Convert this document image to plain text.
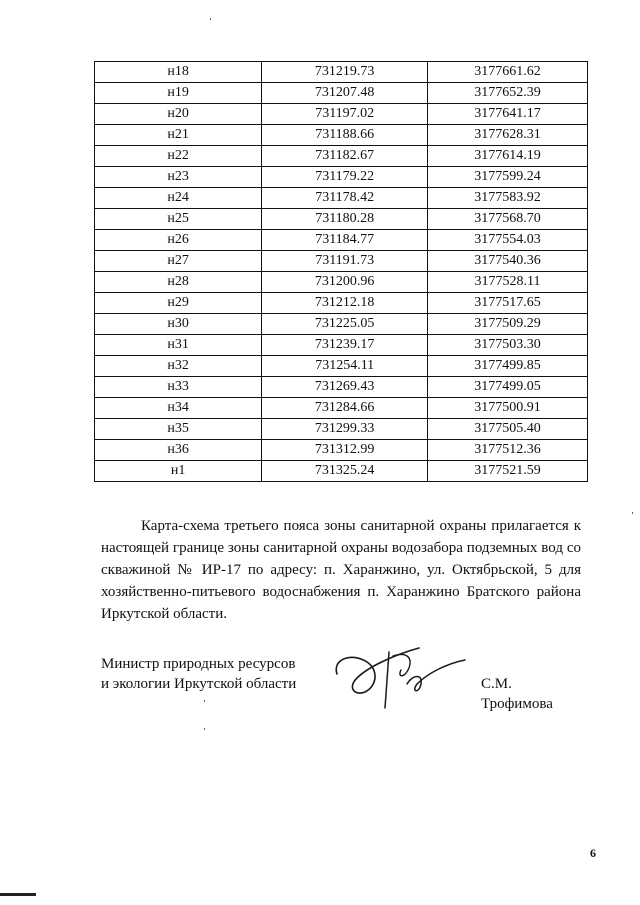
н18	731219.73	3177661.62
н19	731207.48	3177652.39
н20	731197.02	3177641.17
н21	731188.66	3177628.31
н22	731182.67	3177614.19
н23	731179.22	3177599.24
н24	731178.42	3177583.92
н25	731180.28	3177568.70
н26	731184.77	3177554.03
н27	731191.73	3177540.36
н28	731200.96	3177528.11
н29	731212.18	3177517.65
н30	731225.05	3177509.29
н31	731239.17	3177503.30
н32	731254.11	3177499.85
н33	731269.43	3177499.05
н34	731284.66	3177500.91
н35	731299.33	3177505.40
н36	731312.99	3177512.36
н1	731325.24	3177521.59
Карта-схема третьего пояса зоны санитарной охраны прилагается к настоящей границе зоны санитарной охраны водозабора подземных вод со скважиной № ИР-17 по адресу: п. Харанжино, ул. Октябрьской, 5 для хозяйственно-питьевого водоснабжения п. Харанжино Братского района Иркутской области.
Министр природных ресурсов
и экологии Иркутской области	С.М. Трофимова
6
